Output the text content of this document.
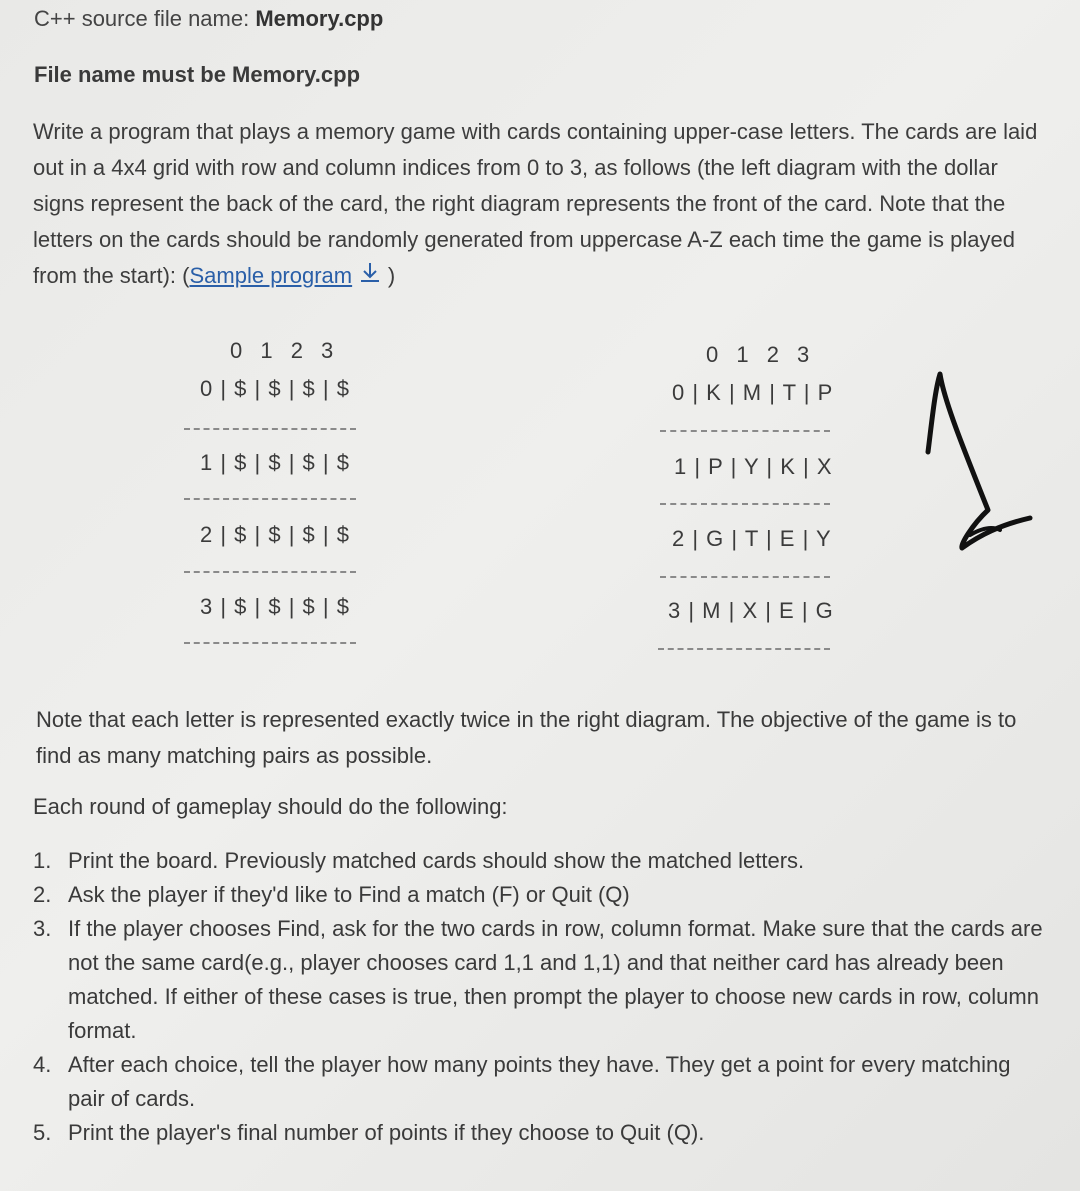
C++ source file name: Memory.cpp
File name must be Memory.cpp
Write a program that plays a memory game with cards containing upper-case letters. The cards are laid out in a 4x4 grid with row and column indices from 0 to 3, as follows (the left diagram with the dollar signs represent the back of the card, the right diagram represents the front of the card. Note that the letters on the cards should be randomly generated from uppercase A-Z each time the game is played from the start): (Sample program )
0 1 2 3
0 | $ | $ | $ | $
1 | $ | $ | $ | $
2 | $ | $ | $ | $
3 | $ | $ | $ | $
0 1 2 3
0 | K | M | T | P
1 | P | Y | K | X
2 | G | T | E | Y
3 | M | X | E | G
Note that each letter is represented exactly twice in the right diagram. The objective of the game is to find as many matching pairs as possible.
Each round of gameplay should do the following:
1. Print the board. Previously matched cards should show the matched letters.
2. Ask the player if they'd like to Find a match (F) or Quit (Q)
3. If the player chooses Find, ask for the two cards in row, column format. Make sure that the cards are not the same card(e.g., player chooses card 1,1 and 1,1) and that neither card has already been matched. If either of these cases is true, then prompt the player to choose new cards in row, column format.
4. After each choice, tell the player how many points they have. They get a point for every matching pair of cards.
5. Print the player's final number of points if they choose to Quit (Q).
